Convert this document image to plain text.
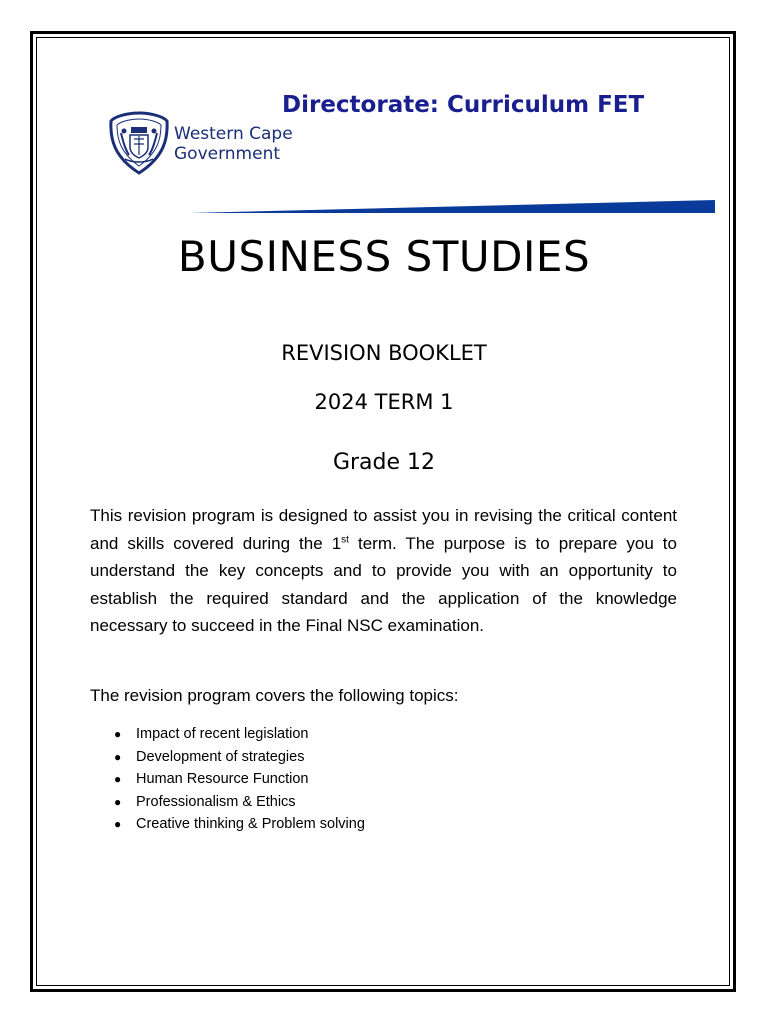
Directorate: Curriculum FET
Western Cape
Government
BUSINESS STUDIES

REVISION BOOKLET

2024 TERM 1

Grade 12

This revision program is designed to assist you in revising the critical content and skills covered during the 1st term. The purpose is to prepare you to understand the key concepts and to provide you with an opportunity to establish the required standard and the application of the knowledge necessary to succeed in the Final NSC examination.

The revision program covers the following topics:

● Impact of recent legislation
● Development of strategies
● Human Resource Function
● Professionalism & Ethics
● Creative thinking & Problem solving
